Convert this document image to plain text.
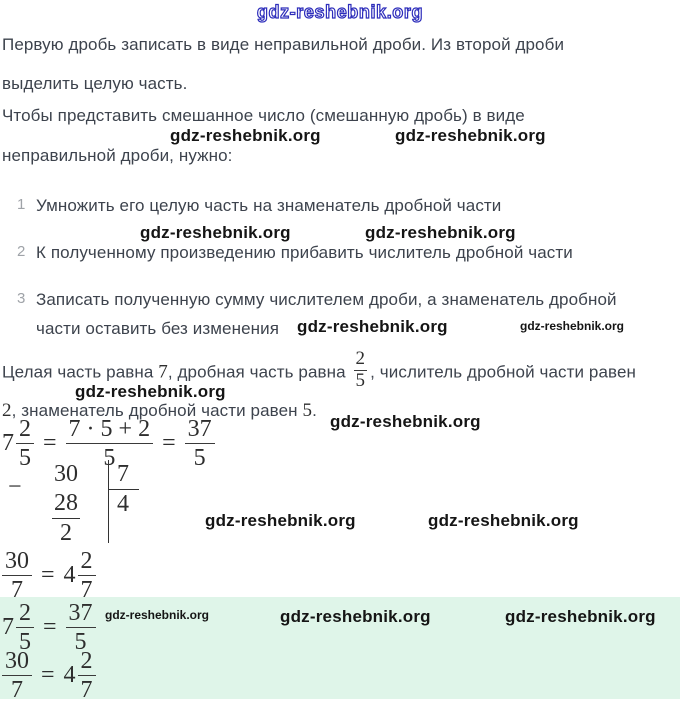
gdz-reshebnik.org
Первую дробь записать в виде неправильной дроби. Из второй дроби
выделить целую часть.
Чтобы представить смешанное число (смешанную дробь) в виде
gdz-reshebnik.org	gdz-reshebnik.org
неправильной дроби, нужно:
1 Умножить его целую часть на знаменатель дробной части
gdz-reshebnik.org	gdz-reshebnik.org
2 К полученному произведению прибавить числитель дробной части
3 Записать полученную сумму числителем дроби, а знаменатель дробной
части оставить без изменения gdz-reshebnik.org	gdz-reshebnik.org
Целая часть равна 7, дробная часть равна $\frac{2}{5}$ , числитель дробной части равен
gdz-reshebnik.org
2, знаменатель дробной части равен 5.
gdz-reshebnik.org
$7 \frac{2}{5} = \frac{7 \cdot 5 + 2}{5} = \frac{37}{5}$
− 30
28
2
7
4
gdz-reshebnik.org	gdz-reshebnik.org
$\frac{30}{7} = 4 \frac{2}{7}$
$7 \frac{2}{5} = \frac{37}{5}$ gdz-reshebnik.org	gdz-reshebnik.org	gdz-reshebnik.org
$\frac{30}{7} = 4 \frac{2}{7}$
